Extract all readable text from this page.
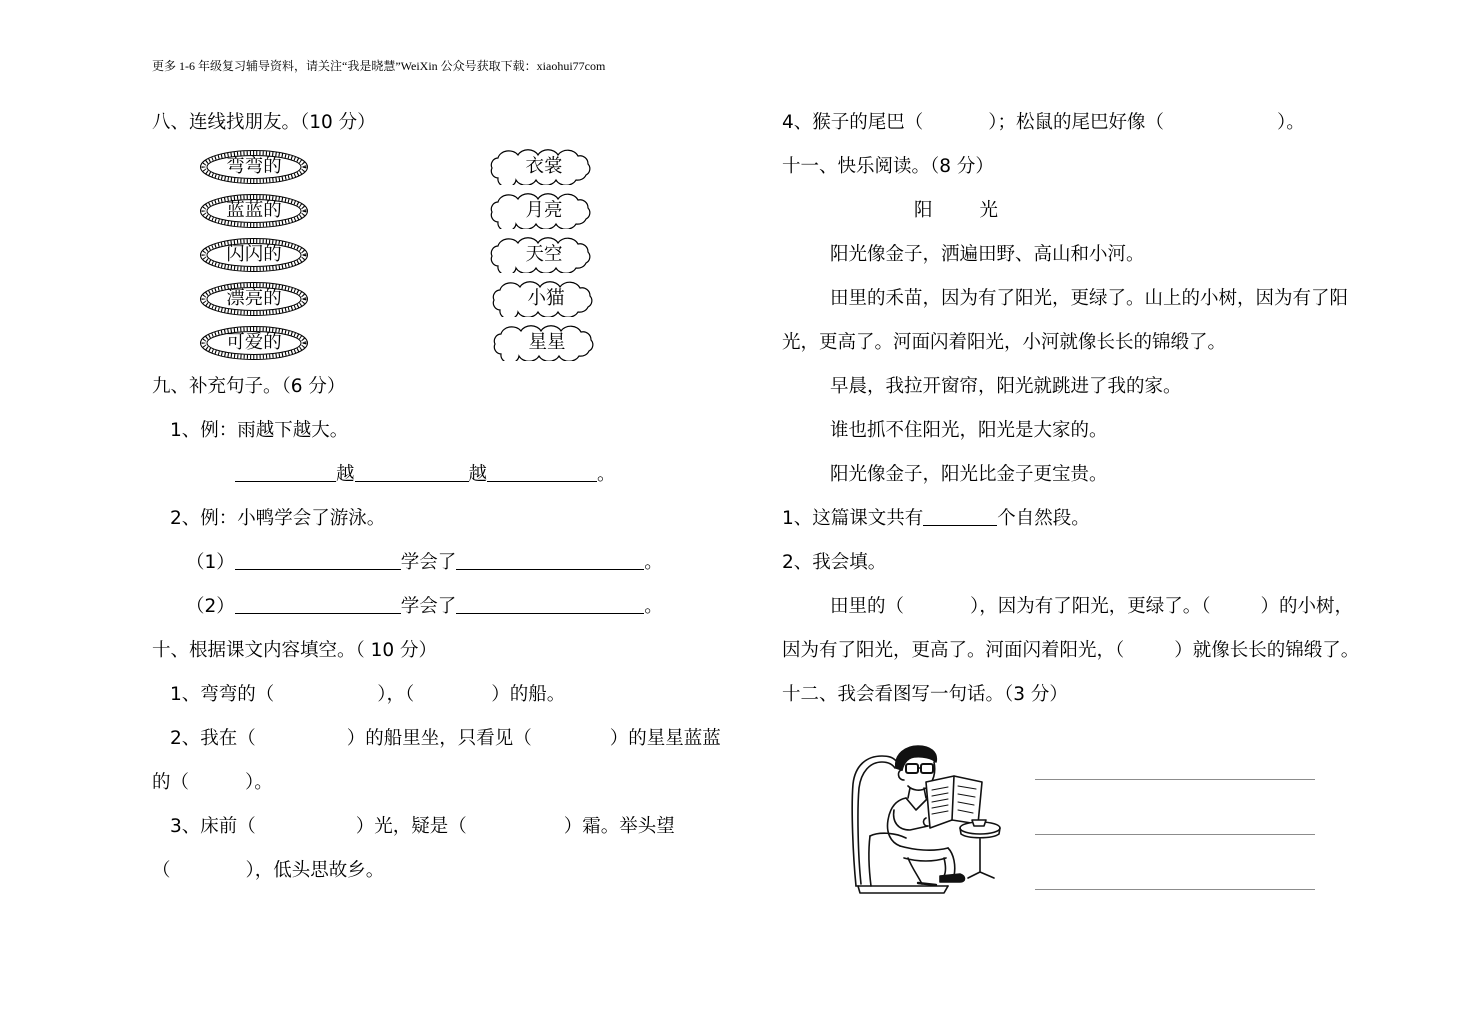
更多 1-6 年级复习辅导资料，请关注“我是晓慧”WeiXin 公众号获取下载：xiaohui77com
八、连线找朋友。（10 分）
弯弯的
蓝蓝的
闪闪的
漂亮的
可爱的
衣裳
月亮
天空
小猫
星星
九、补充句子。（6 分）
1、例：雨越下越大。
越	越	。
2、例：小鸭学会了游泳。
（1）	学会了	。
（2）	学会了	。
十、根据课文内容填空。（ 10 分）
1、弯弯的（	），（	）的船。
2、我在（	）的船里坐，只看见（	）的星星蓝蓝
的（	）。
3、床前（	）光，疑是（	）霜。举头望
（	），低头思故乡。
4、猴子的尾巴（	）；松鼠的尾巴好像（	）。
十一、快乐阅读。（8 分）
阳光
阳光像金子，洒遍田野、高山和小河。
田里的禾苗，因为有了阳光，更绿了。山上的小树，因为有了阳
光，更高了。河面闪着阳光，小河就像长长的锦缎了。
早晨，我拉开窗帘，阳光就跳进了我的家。
谁也抓不住阳光，阳光是大家的。
阳光像金子，阳光比金子更宝贵。
1、这篇课文共有	个自然段。
2、我会填。
田里的（	），因为有了阳光，更绿了。（	）的小树，
因为有了阳光，更高了。河面闪着阳光，（	）就像长长的锦缎了。
十二、我会看图写一句话。（3 分）
